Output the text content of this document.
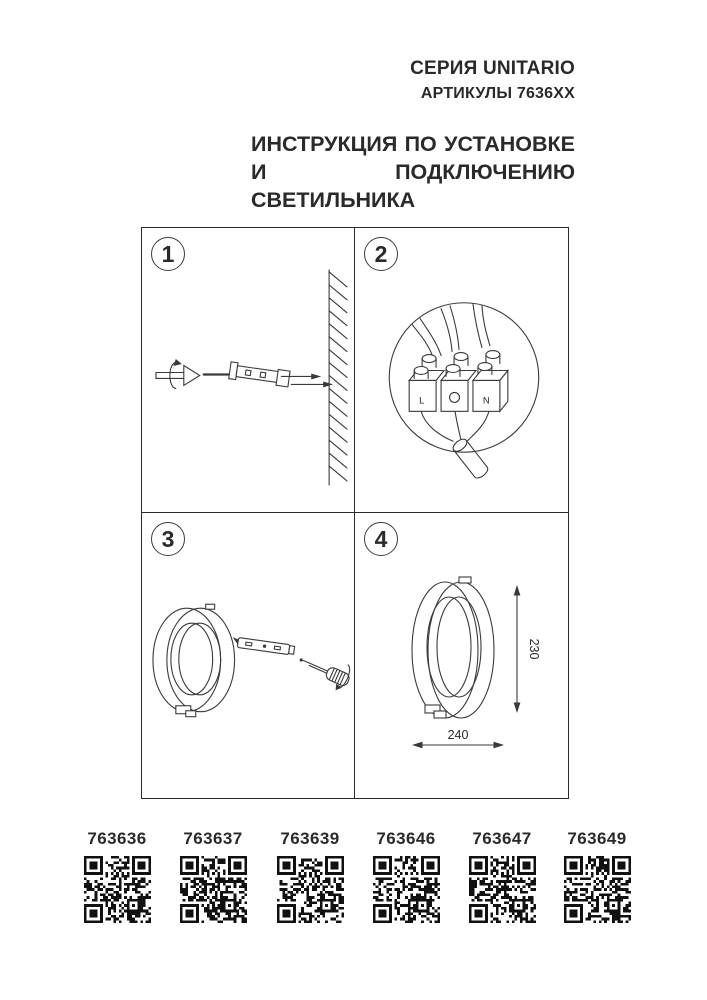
СЕРИЯ UNITARIO
АРТИКУЛЫ 7636ХХ
ИНСТРУКЦИЯ ПО УСТАНОВКЕ
И ПОДКЛЮЧЕНИЮ СВЕТИЛЬНИКА
1	2
L	N
3	4
230
240
763636	763637	763639	763646	763647	763649
